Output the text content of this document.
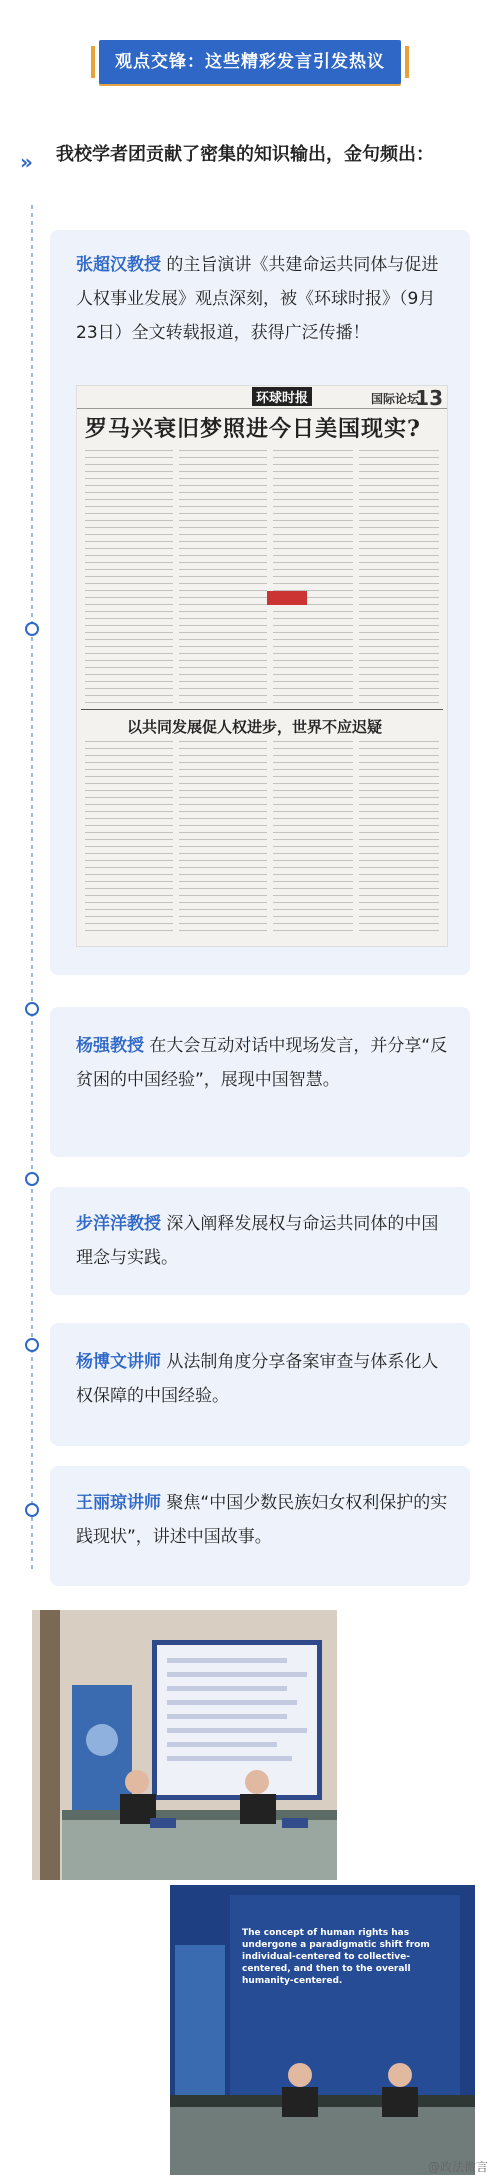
观点交锋：这些精彩发言引发热议
» 我校学者团贡献了密集的知识输出，金句频出：
张超汉教授 的主旨演讲《共建命运共同体与促进人权事业发展》观点深刻，被《环球时报》（9月23日）全文转载报道，获得广泛传播！
环球时报	国际论坛
13
罗马兴衰旧梦照进今日美国现实?
以共同发展促人权进步，世界不应迟疑
杨强教授 在大会互动对话中现场发言，并分享“反贫困的中国经验”，展现中国智慧。
步洋洋教授 深入阐释发展权与命运共同体的中国理念与实践。
杨博文讲师 从法制角度分享备案审查与体系化人权保障的中国经验。
王丽琼讲师 聚焦“中国少数民族妇女权利保护的实践现状”，讲述中国故事。
The concept of human rights has undergone a paradigmatic shift from individual-centered to collective-centered, and then to the overall humanity-centered.
@政法微言
